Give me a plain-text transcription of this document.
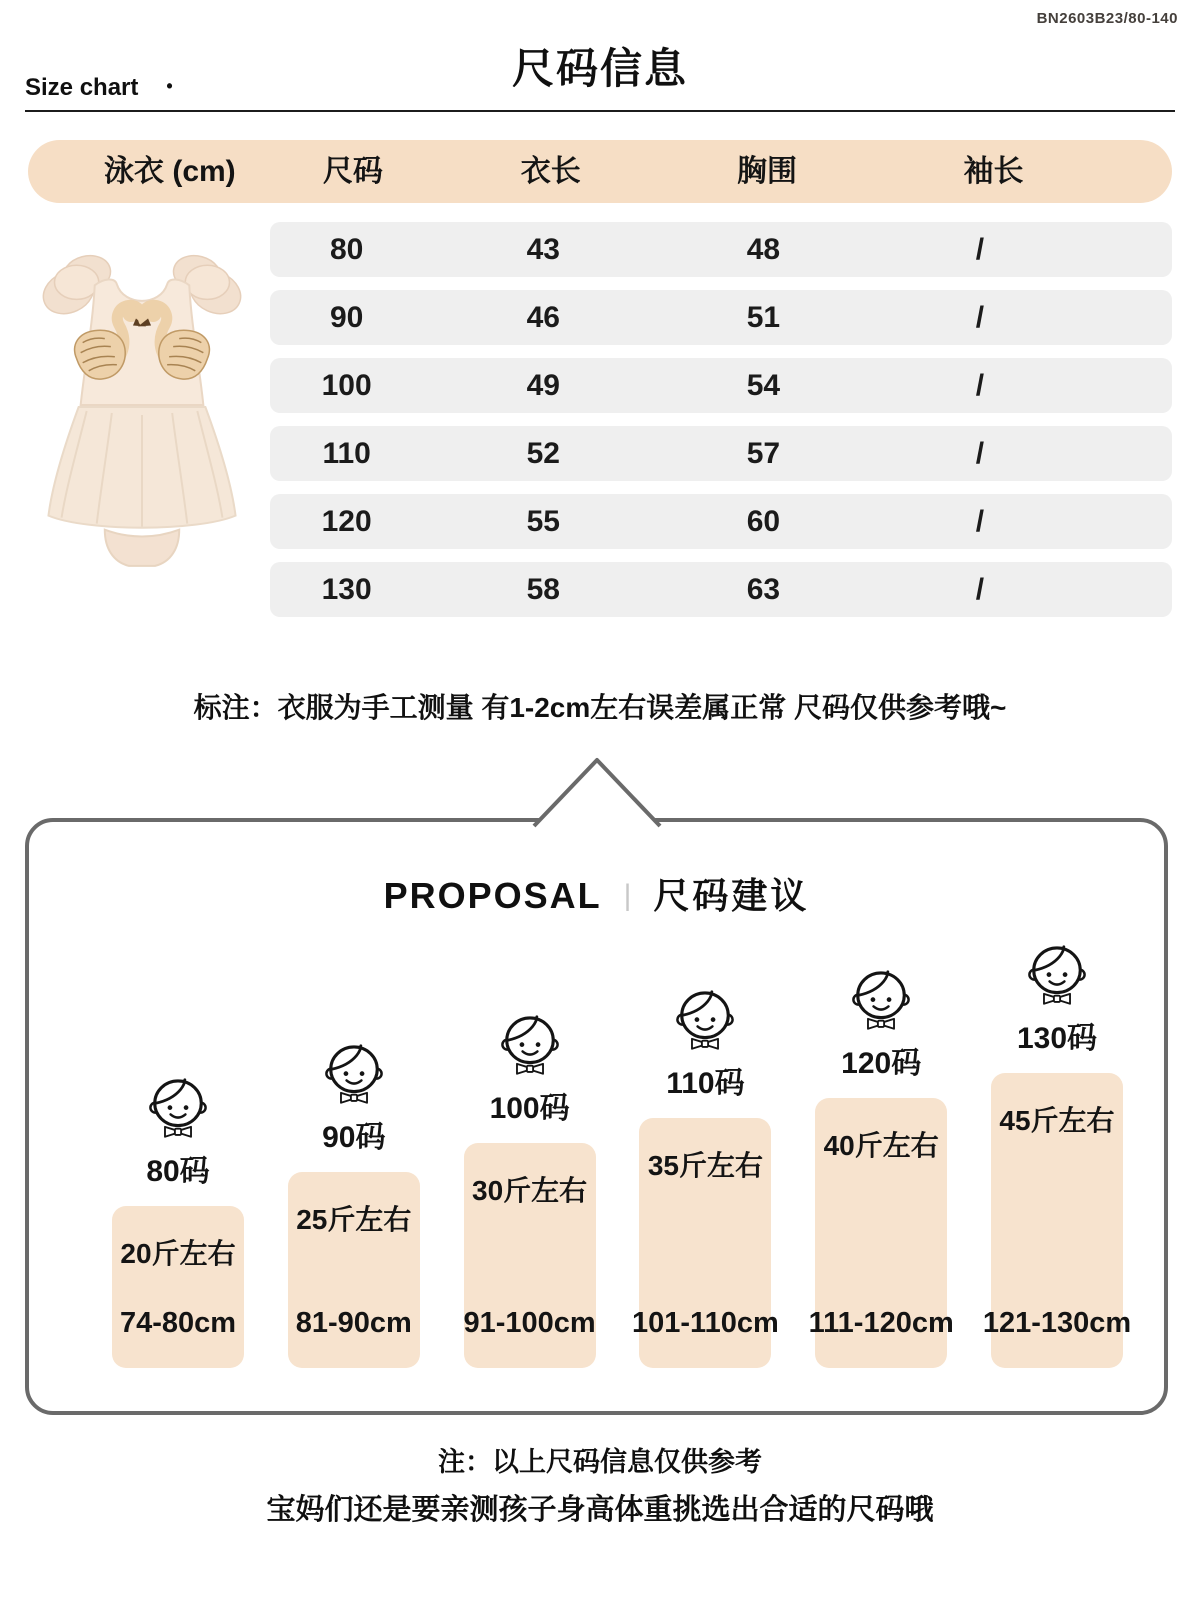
BN2603B23/80-140
尺码信息
Size chart •
泳衣 (cm)	尺码	衣长	胸围	袖长
80	43	48	/
90	46	51	/
100	49	54	/
110	52	57	/
120	55	60	/
130	58	63	/

标注：衣服为手工测量 有1-2cm左右误差属正常 尺码仅供参考哦~

PROPOSAL | 尺码建议
80码
20斤左右
74-80cm
90码
25斤左右
81-90cm
100码
30斤左右
91-100cm
110码
35斤左右
101-110cm
120码
40斤左右
111-120cm
130码
45斤左右
121-130cm

注：以上尺码信息仅供参考

宝妈们还是要亲测孩子身高体重挑选出合适的尺码哦
